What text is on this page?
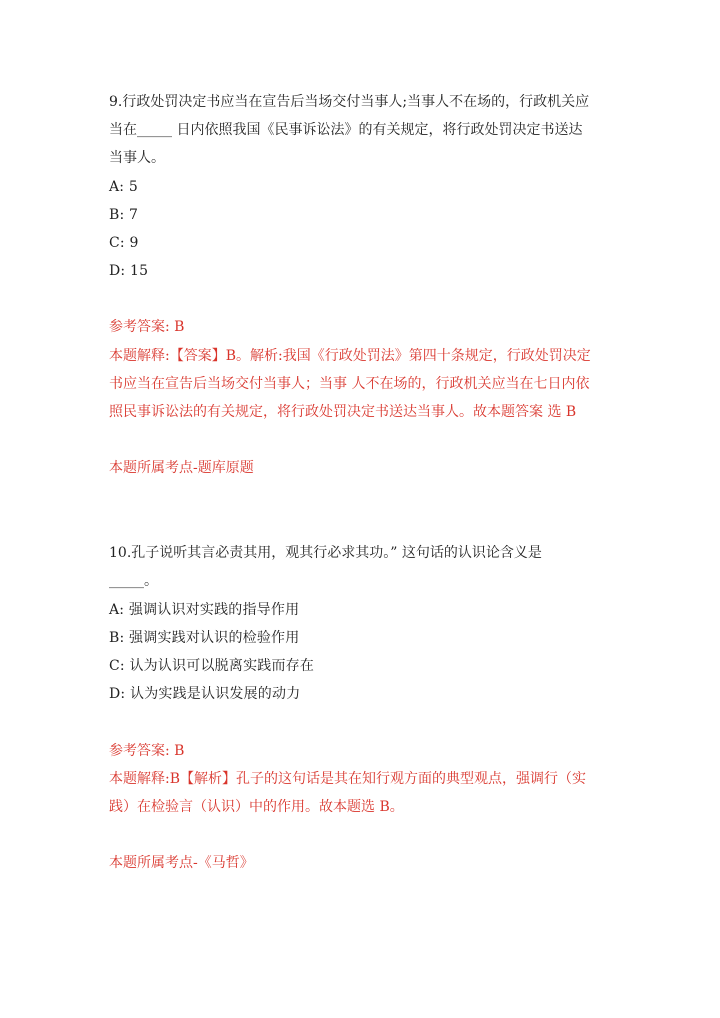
9.行政处罚决定书应当在宣告后当场交付当事人;当事人不在场的，行政机关应
当在_____ 日内依照我国《民事诉讼法》的有关规定，将行政处罚决定书送达
当事人。
A: 5
B: 7
C: 9
D: 15
参考答案: B
本题解释:【答案】B。解析:我国《行政处罚法》第四十条规定，行政处罚决定
书应当在宣告后当场交付当事人；当事 人不在场的，行政机关应当在七日内依
照民事诉讼法的有关规定，将行政处罚决定书送达当事人。故本题答案 选 B
本题所属考点-题库原题
10.孔子说听其言必责其用，观其行必求其功。” 这句话的认识论含义是
_____。
A: 强调认识对实践的指导作用
B: 强调实践对认识的检验作用
C: 认为认识可以脱离实践而存在
D: 认为实践是认识发展的动力
参考答案: B
本题解释:B【解析】孔子的这句话是其在知行观方面的典型观点，强调行（实
践）在检验言（认识）中的作用。故本题选 B。
本题所属考点-《马哲》
